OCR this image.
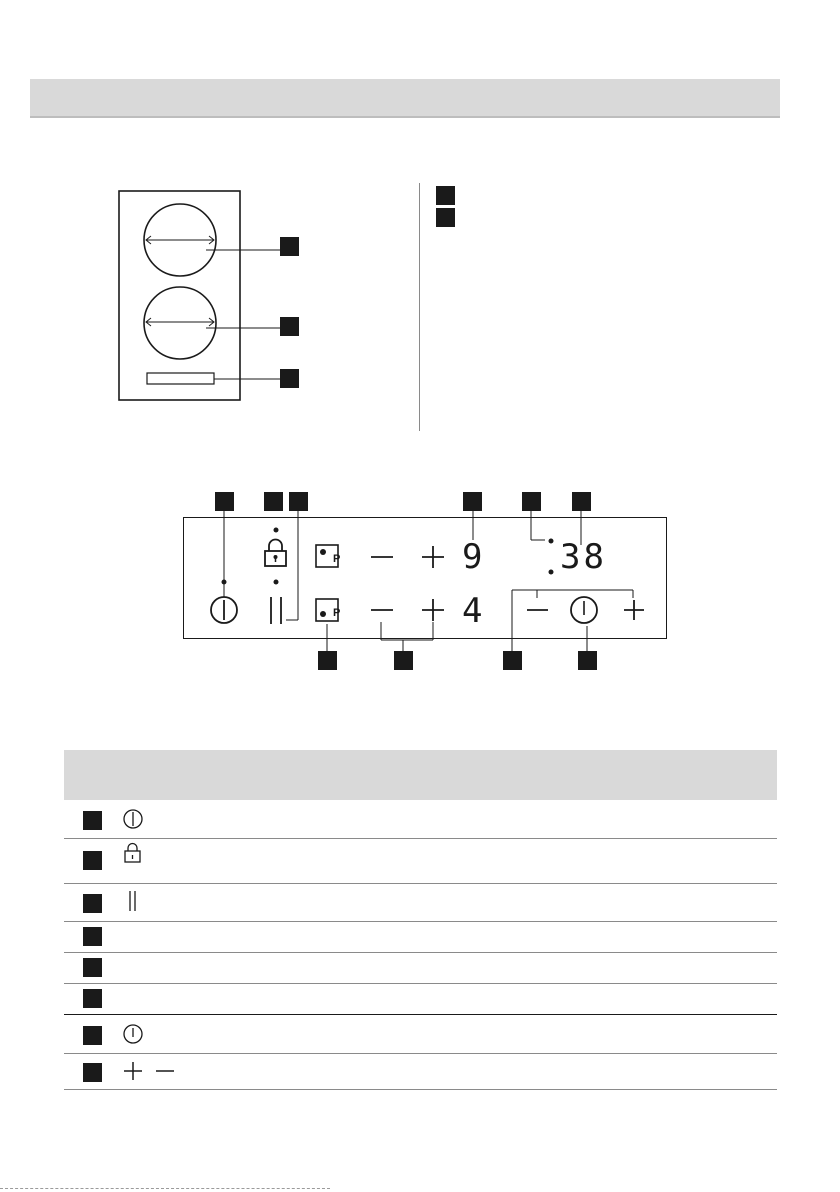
P
P
9
4
38
